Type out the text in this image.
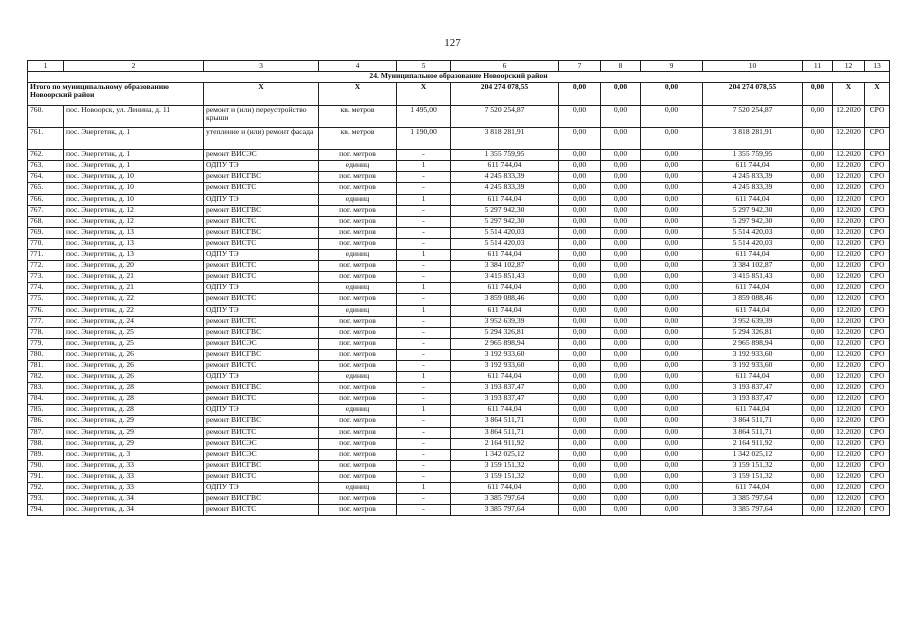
127
1	2	3	4	5	6	7	8	9	10	11	12	13
24. Муниципальное образование Новоорский район												
Итого по муниципальному образованию Новоорский район		X	X	X	204 274 078,55	0,00	0,00	0,00	204 274 078,55	0,00	X	X
760.	пос. Новоорск, ул. Ленина, д. 11	ремонт и (или) переустройство крыши	кв. метров	1 495,00	7 520 254,87	0,00	0,00	0,00	7 520 254,87	0,00	12.2020	СРО
761.	пос. Энергетик, д. 1	утепление и (или) ремонт фасада	кв. метров	1 190,00	3 818 281,91	0,00	0,00	0,00	3 818 281,91	0,00	12.2020	СРО
762.	пос. Энергетик, д. 1	ремонт ВИСЭС	пог. метров	-	1 355 759,95	0,00	0,00	0,00	1 355 759,95	0,00	12.2020	СРО
763.	пос. Энергетик, д. 1	ОДПУ ТЭ	единиц	1	611 744,04	0,00	0,00	0,00	611 744,04	0,00	12.2020	СРО
764.	пос. Энергетик, д. 10	ремонт ВИСГВС	пог. метров	-	4 245 833,39	0,00	0,00	0,00	4 245 833,39	0,00	12.2020	СРО
765.	пос. Энергетик, д. 10	ремонт ВИСТС	пог. метров	-	4 245 833,39	0,00	0,00	0,00	4 245 833,39	0,00	12.2020	СРО
766.	пос. Энергетик, д. 10	ОДПУ ТЭ	единиц	1	611 744,04	0,00	0,00	0,00	611 744,04	0,00	12.2020	СРО
767.	пос. Энергетик, д. 12	ремонт ВИСГВС	пог. метров	-	5 297 942,30	0,00	0,00	0,00	5 297 942,30	0,00	12.2020	СРО
768.	пос. Энергетик, д. 12	ремонт ВИСТС	пог. метров	-	5 297 942,30	0,00	0,00	0,00	5 297 942,30	0,00	12.2020	СРО
769.	пос. Энергетик, д. 13	ремонт ВИСГВС	пог. метров	-	5 514 420,03	0,00	0,00	0,00	5 514 420,03	0,00	12.2020	СРО
770.	пос. Энергетик, д. 13	ремонт ВИСТС	пог. метров	-	5 514 420,03	0,00	0,00	0,00	5 514 420,03	0,00	12.2020	СРО
771.	пос. Энергетик, д. 13	ОДПУ ТЭ	единиц	1	611 744,04	0,00	0,00	0,00	611 744,04	0,00	12.2020	СРО
772.	пос. Энергетик, д. 20	ремонт ВИСТС	пог. метров	-	3 384 102,87	0,00	0,00	0,00	3 384 102,87	0,00	12.2020	СРО
773.	пос. Энергетик, д. 21	ремонт ВИСТС	пог. метров	-	3 415 851,43	0,00	0,00	0,00	3 415 851,43	0,00	12.2020	СРО
774.	пос. Энергетик, д. 21	ОДПУ ТЭ	единиц	1	611 744,04	0,00	0,00	0,00	611 744,04	0,00	12.2020	СРО
775.	пос. Энергетик, д. 22	ремонт ВИСТС	пог. метров	-	3 859 088,46	0,00	0,00	0,00	3 859 088,46	0,00	12.2020	СРО
776.	пос. Энергетик, д. 22	ОДПУ ТЭ	единиц	1	611 744,04	0,00	0,00	0,00	611 744,04	0,00	12.2020	СРО
777.	пос. Энергетик, д. 24	ремонт ВИСТС	пог. метров	-	3 952 639,39	0,00	0,00	0,00	3 952 639,39	0,00	12.2020	СРО
778.	пос. Энергетик, д. 25	ремонт ВИСГВС	пог. метров	-	5 294 326,81	0,00	0,00	0,00	5 294 326,81	0,00	12.2020	СРО
779.	пос. Энергетик, д. 25	ремонт ВИСЭС	пог. метров	-	2 965 898,94	0,00	0,00	0,00	2 965 898,94	0,00	12.2020	СРО
780.	пос. Энергетик, д. 26	ремонт ВИСГВС	пог. метров	-	3 192 933,60	0,00	0,00	0,00	3 192 933,60	0,00	12.2020	СРО
781.	пос. Энергетик, д. 26	ремонт ВИСТС	пог. метров	-	3 192 933,60	0,00	0,00	0,00	3 192 933,60	0,00	12.2020	СРО
782.	пос. Энергетик, д. 26	ОДПУ ТЭ	единиц	1	611 744,04	0,00	0,00	0,00	611 744,04	0,00	12.2020	СРО
783.	пос. Энергетик, д. 28	ремонт ВИСГВС	пог. метров	-	3 193 837,47	0,00	0,00	0,00	3 193 837,47	0,00	12.2020	СРО
784.	пос. Энергетик, д. 28	ремонт ВИСТС	пог. метров	-	3 193 837,47	0,00	0,00	0,00	3 193 837,47	0,00	12.2020	СРО
785.	пос. Энергетик, д. 28	ОДПУ ТЭ	единиц	1	611 744,04	0,00	0,00	0,00	611 744,04	0,00	12.2020	СРО
786.	пос. Энергетик, д. 29	ремонт ВИСГВС	пог. метров	-	3 864 511,71	0,00	0,00	0,00	3 864 511,71	0,00	12.2020	СРО
787.	пос. Энергетик, д. 29	ремонт ВИСТС	пог. метров	-	3 864 511,71	0,00	0,00	0,00	3 864 511,71	0,00	12.2020	СРО
788.	пос. Энергетик, д. 29	ремонт ВИСЭС	пог. метров	-	2 164 911,92	0,00	0,00	0,00	2 164 911,92	0,00	12.2020	СРО
789.	пос. Энергетик, д. 3	ремонт ВИСЭС	пог. метров	-	1 342 025,12	0,00	0,00	0,00	1 342 025,12	0,00	12.2020	СРО
790.	пос. Энергетик, д. 33	ремонт ВИСГВС	пог. метров	-	3 159 151,32	0,00	0,00	0,00	3 159 151,32	0,00	12.2020	СРО
791.	пос. Энергетик, д. 33	ремонт ВИСТС	пог. метров	-	3 159 151,32	0,00	0,00	0,00	3 159 151,32	0,00	12.2020	СРО
792.	пос. Энергетик, д. 33	ОДПУ ТЭ	единиц	1	611 744,04	0,00	0,00	0,00	611 744,04	0,00	12.2020	СРО
793.	пос. Энергетик, д. 34	ремонт ВИСГВС	пог. метров	-	3 385 797,64	0,00	0,00	0,00	3 385 797,64	0,00	12.2020	СРО
794.	пос. Энергетик, д. 34	ремонт ВИСТС	пог. метров	-	3 385 797,64	0,00	0,00	0,00	3 385 797,64	0,00	12.2020	СРО
